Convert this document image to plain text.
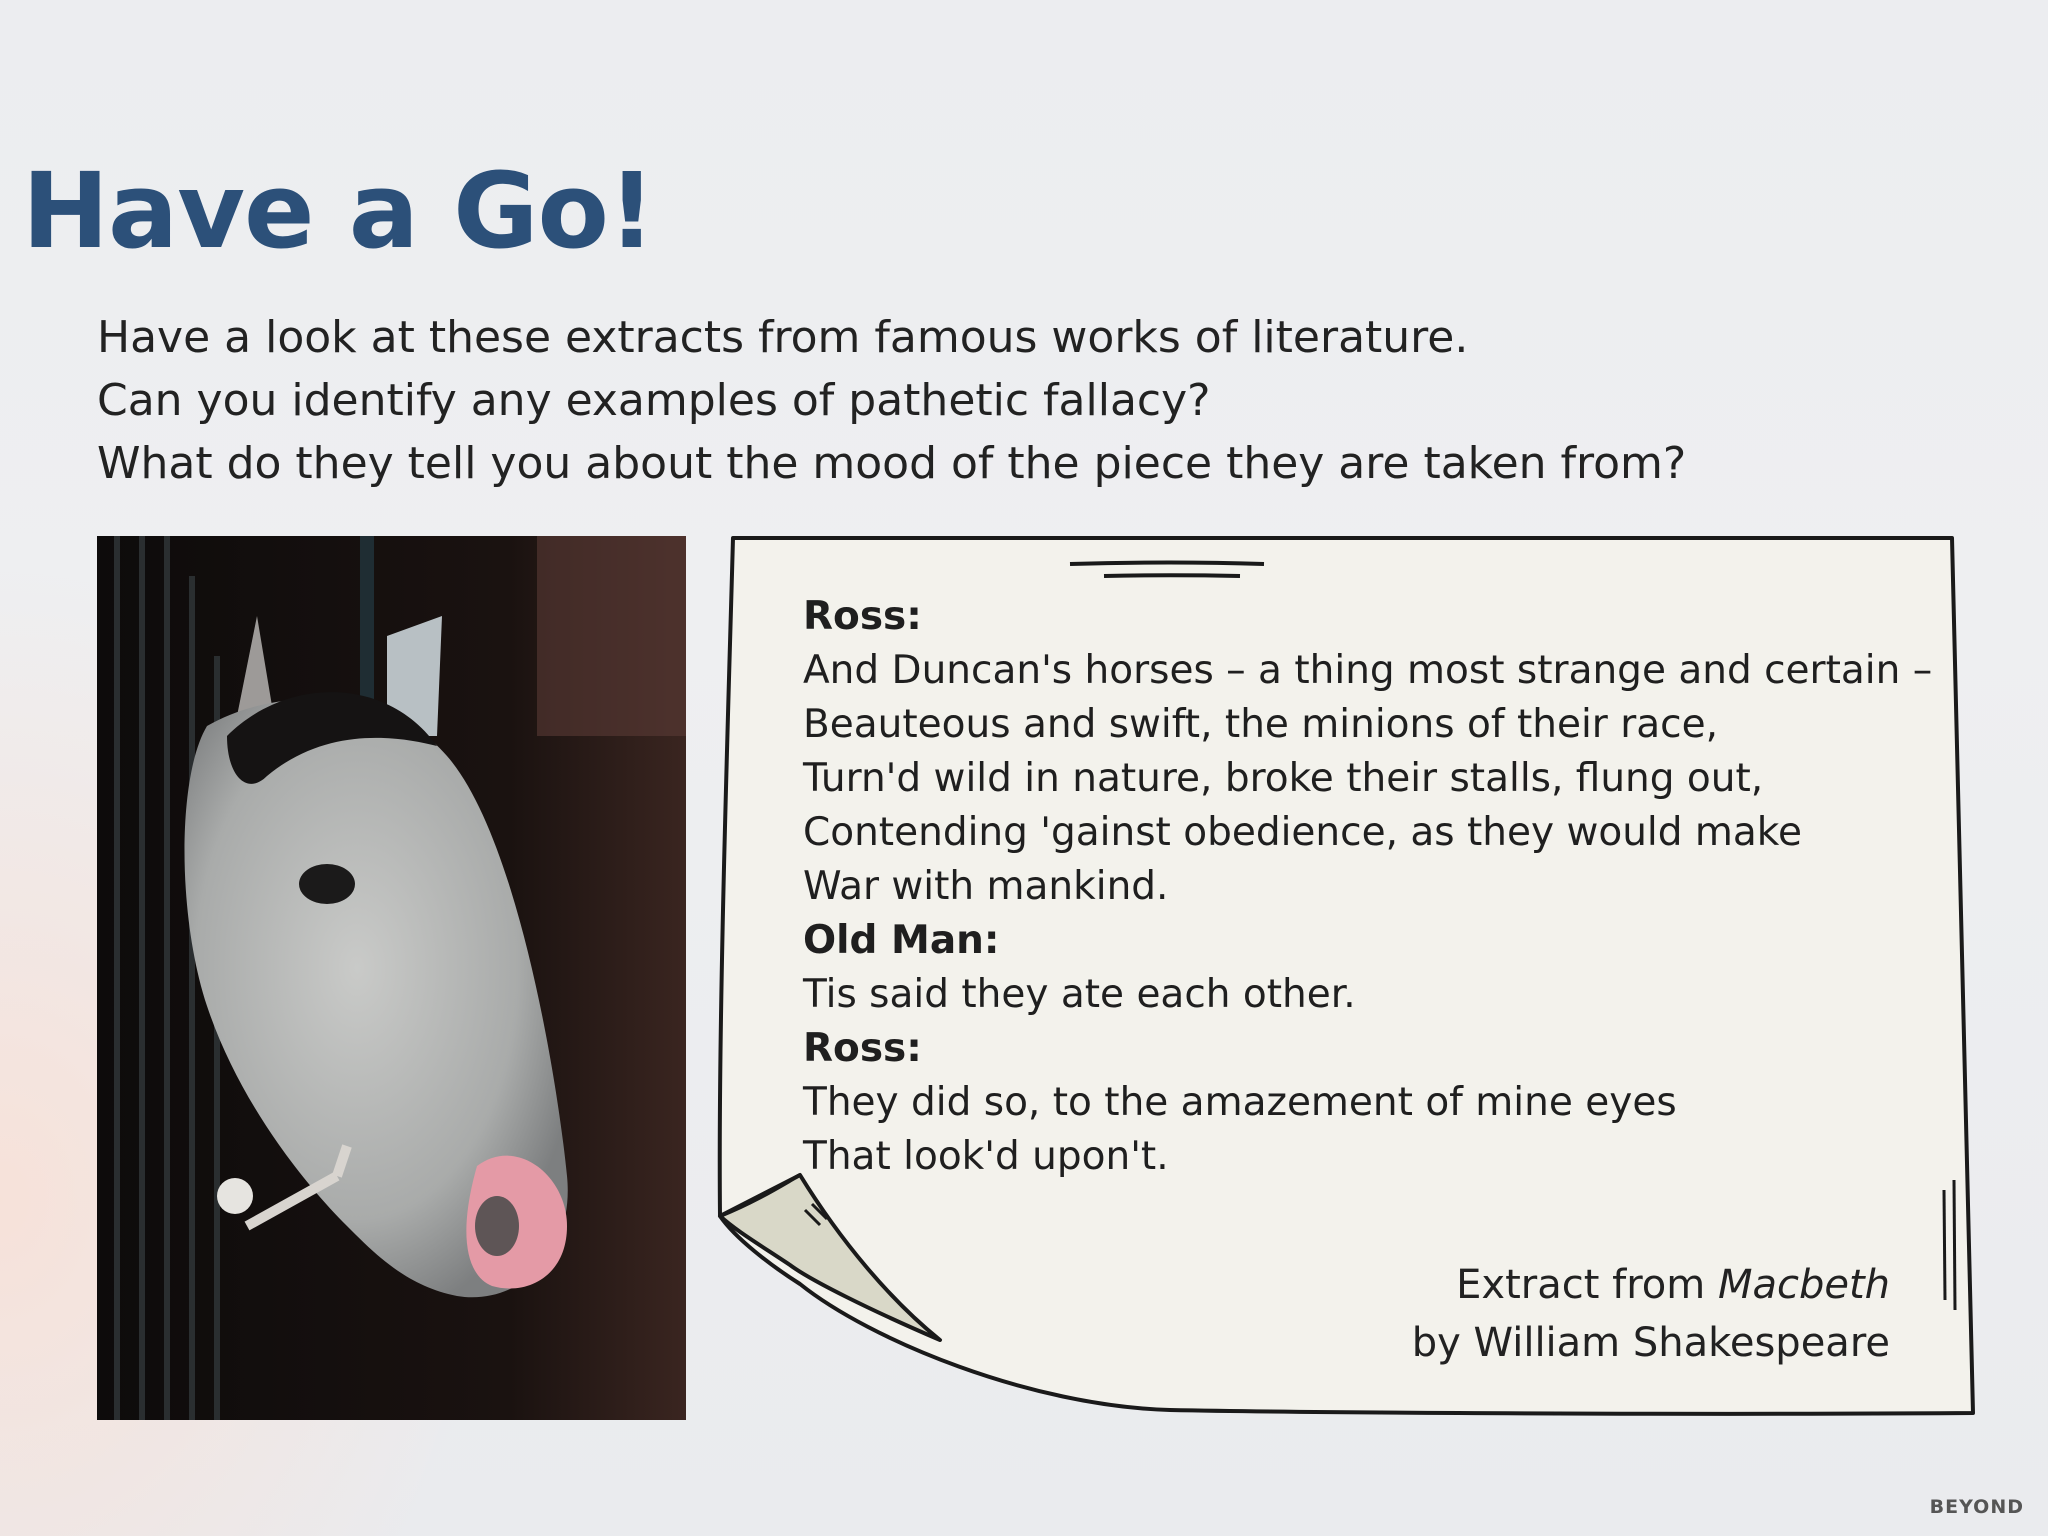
Have a Go!
Have a look at these extracts from famous works of literature.
Can you identify any examples of pathetic fallacy?
What do they tell you about the mood of the piece they are taken from?
Ross:
And Duncan's horses – a thing most strange and certain –
Beauteous and swift, the minions of their race,
Turn'd wild in nature, broke their stalls, flung out,
Contending 'gainst obedience, as they would make
War with mankind.
Old Man:
Tis said they ate each other.
Ross:
They did so, to the amazement of mine eyes
That look'd upon't.
Extract from Macbeth
by William Shakespeare
BEYOND
